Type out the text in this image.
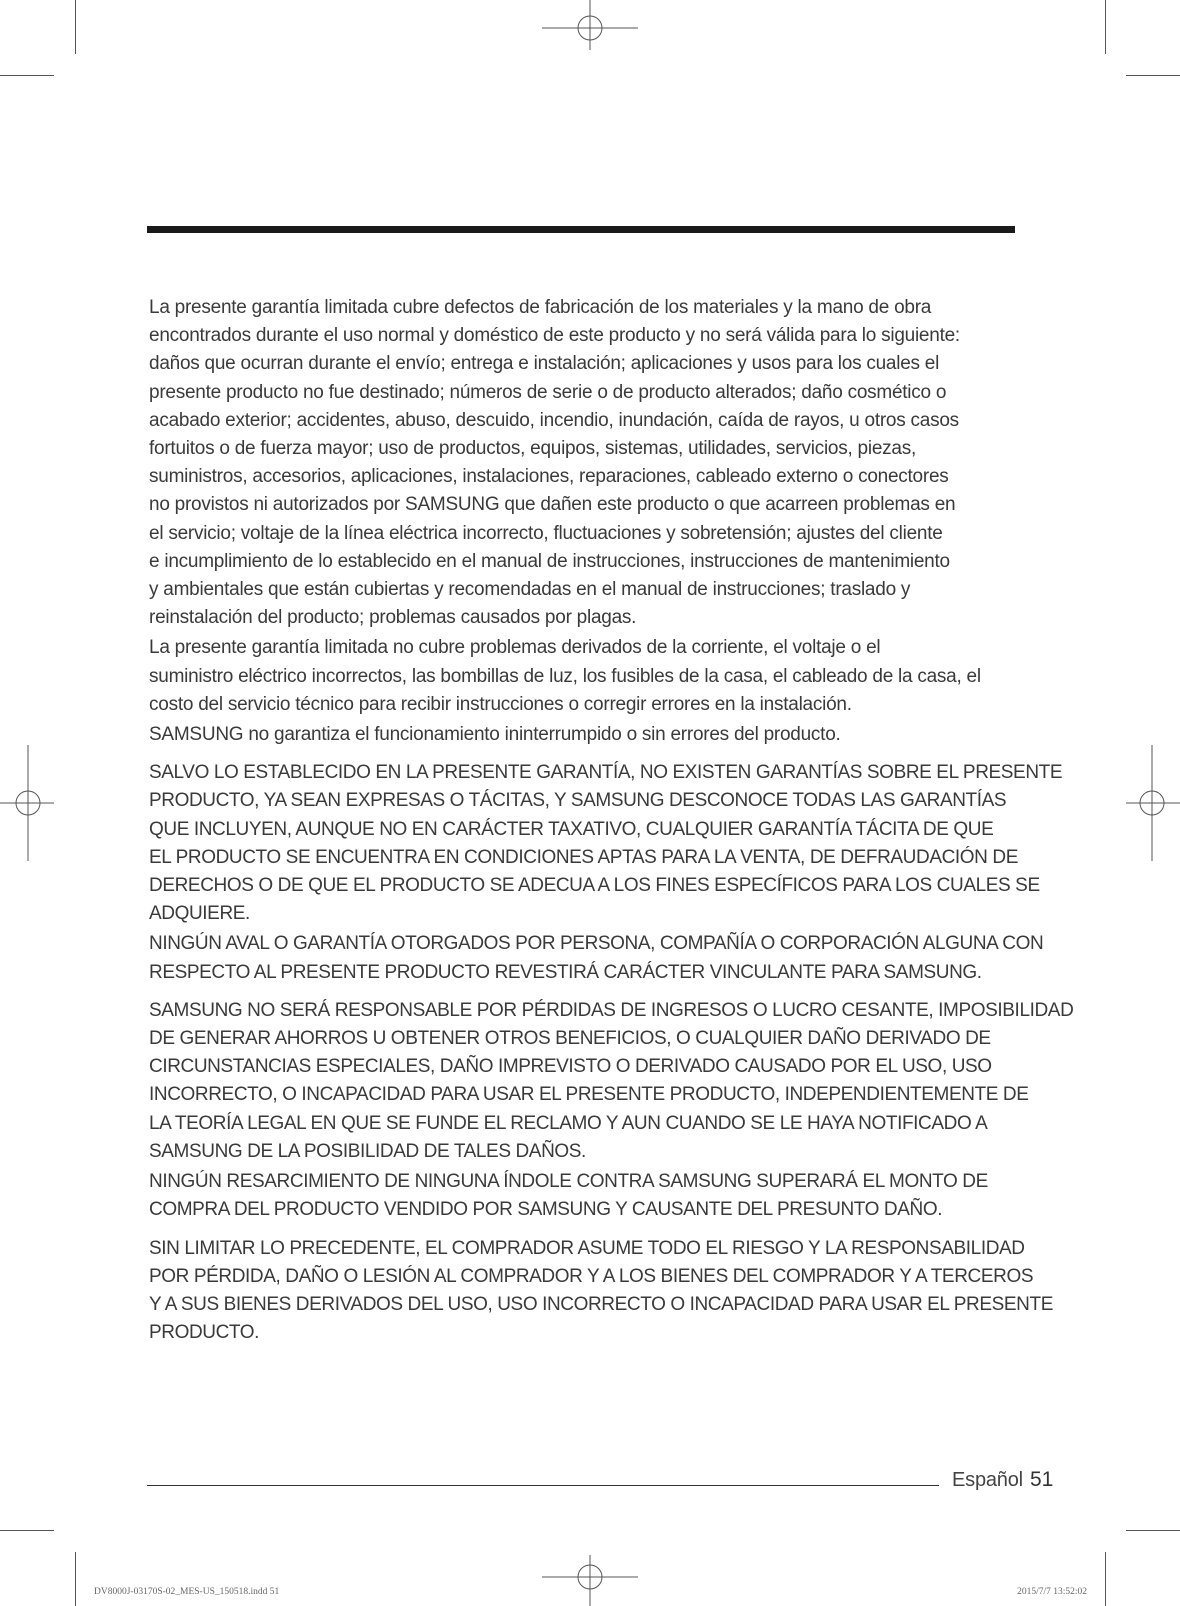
La presente garantía limitada cubre defectos de fabricación de los materiales y la mano de obra
encontrados durante el uso normal y doméstico de este producto y no será válida para lo siguiente:
daños que ocurran durante el envío; entrega e instalación; aplicaciones y usos para los cuales el
presente producto no fue destinado; números de serie o de producto alterados; daño cosmético o
acabado exterior; accidentes, abuso, descuido, incendio, inundación, caída de rayos, u otros casos
fortuitos o de fuerza mayor; uso de productos, equipos, sistemas, utilidades, servicios, piezas,
suministros, accesorios, aplicaciones, instalaciones, reparaciones, cableado externo o conectores
no provistos ni autorizados por SAMSUNG que dañen este producto o que acarreen problemas en
el servicio; voltaje de la línea eléctrica incorrecto, fluctuaciones y sobretensión; ajustes del cliente
e incumplimiento de lo establecido en el manual de instrucciones, instrucciones de mantenimiento
y ambientales que están cubiertas y recomendadas en el manual de instrucciones; traslado y
reinstalación del producto; problemas causados por plagas.

La presente garantía limitada no cubre problemas derivados de la corriente, el voltaje o el
suministro eléctrico incorrectos, las bombillas de luz, los fusibles de la casa, el cableado de la casa, el
costo del servicio técnico para recibir instrucciones o corregir errores en la instalación.

SAMSUNG no garantiza el funcionamiento ininterrumpido o sin errores del producto.

SALVO LO ESTABLECIDO EN LA PRESENTE GARANTÍA, NO EXISTEN GARANTÍAS SOBRE EL PRESENTE
PRODUCTO, YA SEAN EXPRESAS O TÁCITAS, Y SAMSUNG DESCONOCE TODAS LAS GARANTÍAS
QUE INCLUYEN, AUNQUE NO EN CARÁCTER TAXATIVO, CUALQUIER GARANTÍA TÁCITA DE QUE
EL PRODUCTO SE ENCUENTRA EN CONDICIONES APTAS PARA LA VENTA, DE DEFRAUDACIÓN DE
DERECHOS O DE QUE EL PRODUCTO SE ADECUA A LOS FINES ESPECÍFICOS PARA LOS CUALES SE
ADQUIERE.

NINGÚN AVAL O GARANTÍA OTORGADOS POR PERSONA, COMPAÑÍA O CORPORACIÓN ALGUNA CON
RESPECTO AL PRESENTE PRODUCTO REVESTIRÁ CARÁCTER VINCULANTE PARA SAMSUNG.

SAMSUNG NO SERÁ RESPONSABLE POR PÉRDIDAS DE INGRESOS O LUCRO CESANTE, IMPOSIBILIDAD
DE GENERAR AHORROS U OBTENER OTROS BENEFICIOS, O CUALQUIER DAÑO DERIVADO DE
CIRCUNSTANCIAS ESPECIALES, DAÑO IMPREVISTO O DERIVADO CAUSADO POR EL USO, USO
INCORRECTO, O INCAPACIDAD PARA USAR EL PRESENTE PRODUCTO, INDEPENDIENTEMENTE DE
LA TEORÍA LEGAL EN QUE SE FUNDE EL RECLAMO Y AUN CUANDO SE LE HAYA NOTIFICADO A
SAMSUNG DE LA POSIBILIDAD DE TALES DAÑOS.

NINGÚN RESARCIMIENTO DE NINGUNA ÍNDOLE CONTRA SAMSUNG SUPERARÁ EL MONTO DE
COMPRA DEL PRODUCTO VENDIDO POR SAMSUNG Y CAUSANTE DEL PRESUNTO DAÑO.

SIN LIMITAR LO PRECEDENTE, EL COMPRADOR ASUME TODO EL RIESGO Y LA RESPONSABILIDAD
POR PÉRDIDA, DAÑO O LESIÓN AL COMPRADOR Y A LOS BIENES DEL COMPRADOR Y A TERCEROS
Y A SUS BIENES DERIVADOS DEL USO, USO INCORRECTO O INCAPACIDAD PARA USAR EL PRESENTE
PRODUCTO.

Español 51
DV8000J-03170S-02_MES-US_150518.indd 51	2015/7/7 13:52:02
